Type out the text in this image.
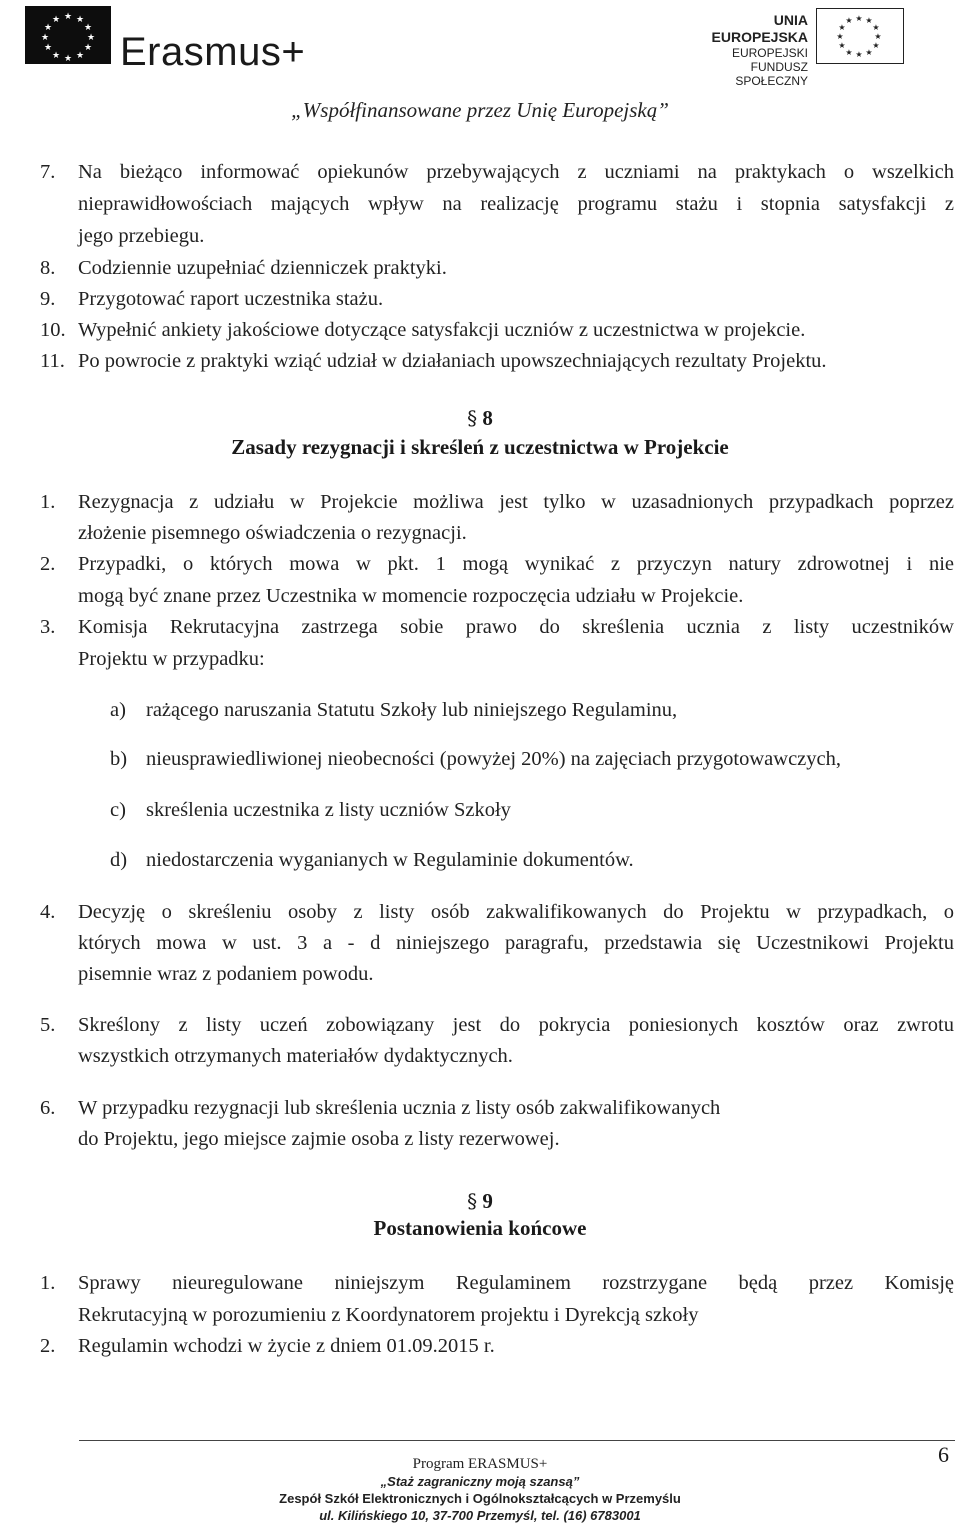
★ ★
★
★
★
★
★
★
★
★
★
★
Erasmus+
UNIA EUROPEJSKA
EUROPEJSKI
FUNDUSZ SPOŁECZNY
★ ★
★
★
★
★
★
★
★
★
★
★
„Współfinansowane przez Unię Europejską”
7. Na bieżąco informować opiekunów przebywających z uczniami na praktykach o wszelkich
nieprawidłowościach mających wpływ na realizację programu stażu i stopnia satysfakcji z
jego przebiegu.
8. Codziennie uzupełniać dzienniczek praktyki.
9. Przygotować raport uczestnika stażu.
10. Wypełnić ankiety jakościowe dotyczące satysfakcji uczniów z uczestnictwa w projekcie.
11. Po powrocie z praktyki wziąć udział w działaniach upowszechniających rezultaty Projektu.
§ 8
Zasady rezygnacji i skreśleń z uczestnictwa w Projekcie
1. Rezygnacja z udziału w Projekcie możliwa jest tylko w uzasadnionych przypadkach poprzez
złożenie pisemnego oświadczenia o rezygnacji.
2. Przypadki, o których mowa w pkt. 1 mogą wynikać z przyczyn natury zdrowotnej i nie
mogą być znane przez Uczestnika w momencie rozpoczęcia udziału w Projekcie.
3. Komisja Rekrutacyjna zastrzega sobie prawo do skreślenia ucznia z listy uczestników
Projektu w przypadku:
a) rażącego naruszania Statutu Szkoły lub niniejszego Regulaminu,
b) nieusprawiedliwionej nieobecności (powyżej 20%) na zajęciach przygotowawczych,
c) skreślenia uczestnika z listy uczniów Szkoły
d) niedostarczenia wyganianych w Regulaminie dokumentów.
4. Decyzję o skreśleniu osoby z listy osób zakwalifikowanych do Projektu w przypadkach, o
których mowa w ust. 3 a - d niniejszego paragrafu, przedstawia się Uczestnikowi Projektu
pisemnie wraz z podaniem powodu.
5. Skreślony z listy uczeń zobowiązany jest do pokrycia poniesionych kosztów oraz zwrotu
wszystkich otrzymanych materiałów dydaktycznych.
6. W przypadku rezygnacji lub skreślenia ucznia z listy osób zakwalifikowanych
do Projektu, jego miejsce zajmie osoba z listy rezerwowej.
§ 9
Postanowienia końcowe
1. Sprawy nieuregulowane niniejszym Regulaminem rozstrzygane będą przez Komisję
Rekrutacyjną w porozumieniu z Koordynatorem projektu i Dyrekcją szkoły
2. Regulamin wchodzi w życie z dniem 01.09.2015 r.
6
Program ERASMUS+
„Staż zagraniczny moją szansą”
Zespół Szkół Elektronicznych i Ogólnokształcących w Przemyślu
ul. Kilińskiego 10, 37-700 Przemyśl, tel. (16) 6783001
